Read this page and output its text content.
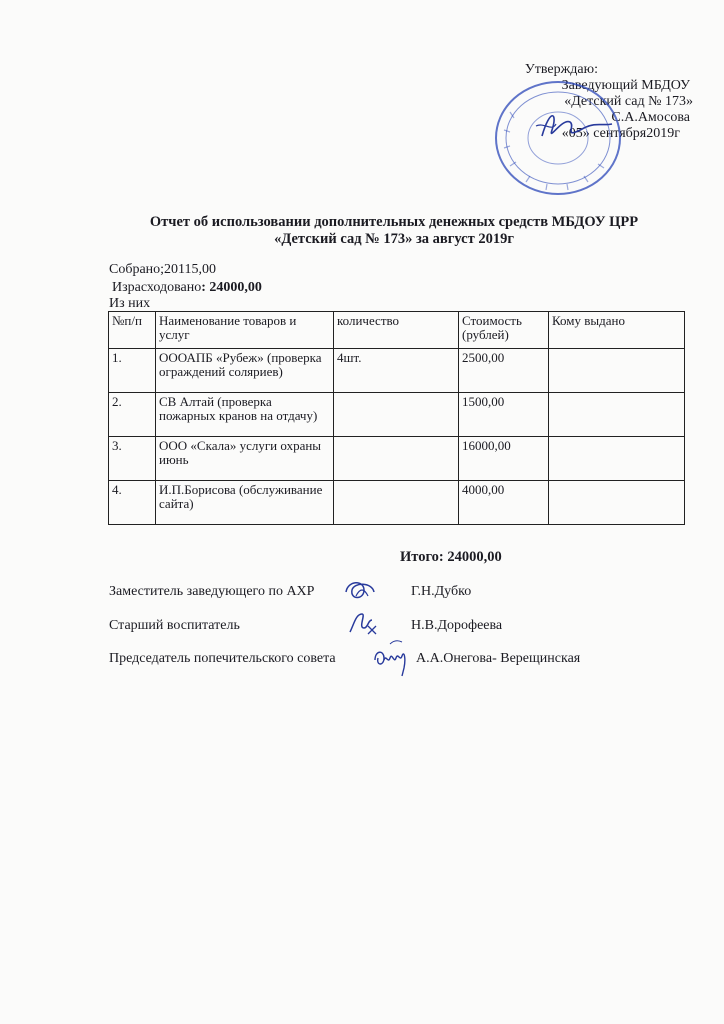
Утверждаю:
Заведующий МБДОУ
«Детский сад № 173»
С.А.Амосова
«05» сентября2019г
Отчет об использовании дополнительных денежных средств МБДОУ ЦРР
«Детский сад № 173» за август 2019г
Собрано;20115,00
Израсходовано: 24000,00
Из них
№п/п	Наименование товаров и услуг	количество	Стоимость (рублей)	Кому выдано
1.	ОООАПБ «Рубеж» (проверка ограждений соляриев)	4шт.	2500,00	
2.	СВ Алтай (проверка пожарных кранов на отдачу)		1500,00	
3.	ООО «Скала» услуги охраны июнь		16000,00	
4.	И.П.Борисова (обслуживание сайта)		4000,00	
Итого: 24000,00
Заместитель заведующего по АХР	Г.Н.Дубко
Старший воспитатель	Н.В.Дорофеева
Председатель попечительского совета	А.А.Онегова- Верещинская
